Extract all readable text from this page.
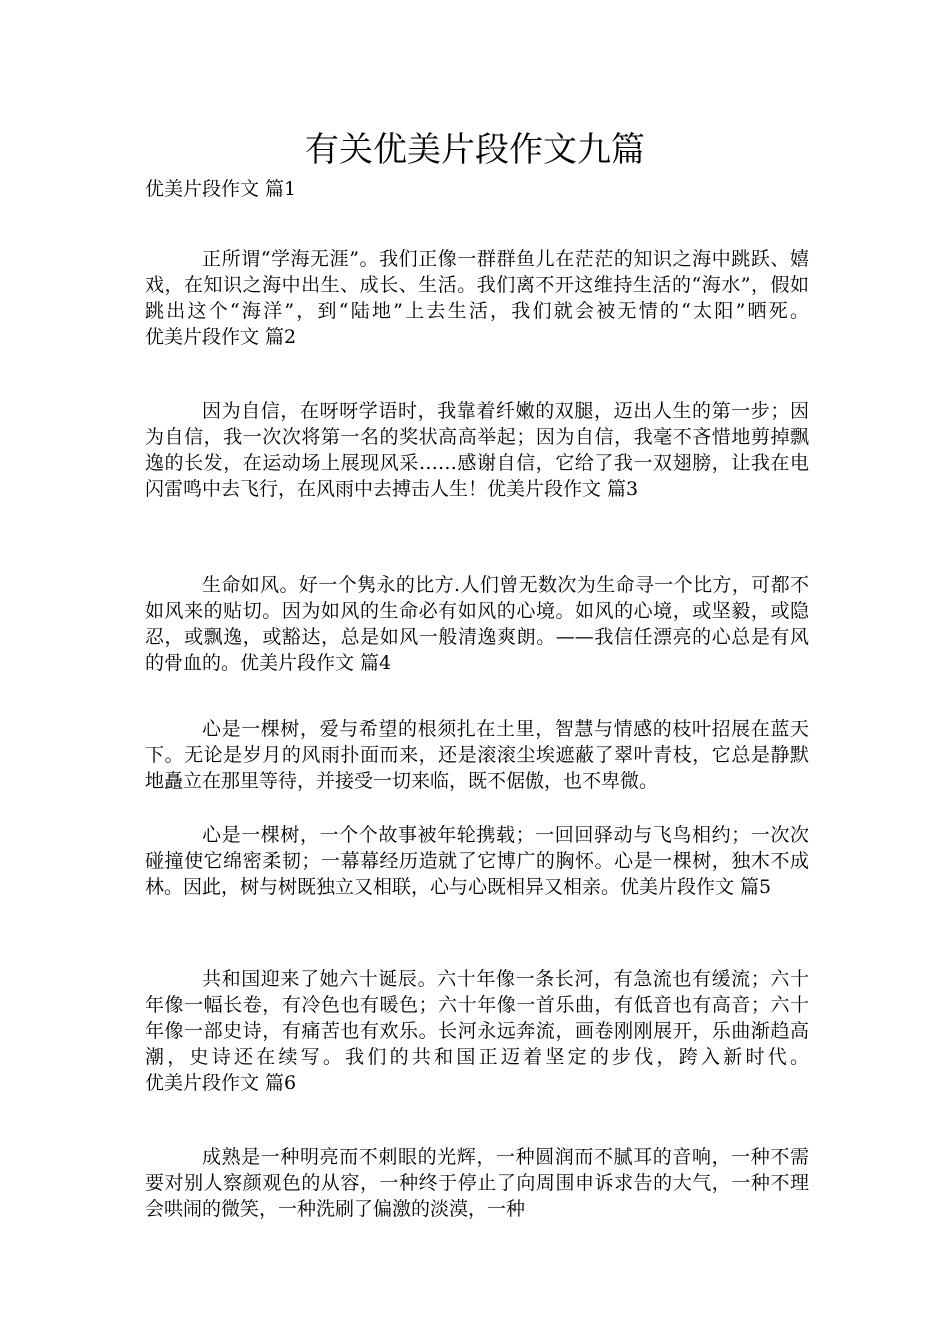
有关优美片段作文九篇
优美片段作文 篇1

正所谓“学海无涯”。我们正像一群群鱼儿在茫茫的知识之海中跳跃、嬉戏，在知识之海中出生、成长、生活。我们离不开这维持生活的“海水”，假如跳出这个“海洋”，到“陆地”上去生活，我们就会被无情的“太阳”晒死。优美片段作文 篇2

因为自信，在呀呀学语时，我靠着纤嫩的双腿，迈出人生的第一步；因为自信，我一次次将第一名的奖状高高举起；因为自信，我毫不吝惜地剪掉飘逸的长发，在运动场上展现风采……感谢自信，它给了我一双翅膀，让我在电闪雷鸣中去飞行，在风雨中去搏击人生！优美片段作文 篇3

生命如风。好一个隽永的比方.人们曾无数次为生命寻一个比方，可都不如风来的贴切。因为如风的生命必有如风的心境。如风的心境，或坚毅，或隐忍，或飘逸，或豁达，总是如风一般清逸爽朗。——我信任漂亮的心总是有风的骨血的。优美片段作文 篇4

心是一棵树，爱与希望的根须扎在土里，智慧与情感的枝叶招展在蓝天下。无论是岁月的风雨扑面而来，还是滚滚尘埃遮蔽了翠叶青枝，它总是静默地矗立在那里等待，并接受一切来临，既不倨傲，也不卑微。

心是一棵树，一个个故事被年轮携载；一回回驿动与飞鸟相约；一次次碰撞使它绵密柔韧；一幕幕经历造就了它博广的胸怀。心是一棵树，独木不成林。因此，树与树既独立又相联，心与心既相异又相亲。优美片段作文 篇5

共和国迎来了她六十诞辰。六十年像一条长河，有急流也有缓流；六十年像一幅长卷，有冷色也有暖色；六十年像一首乐曲，有低音也有高音；六十年像一部史诗，有痛苦也有欢乐。长河永远奔流，画卷刚刚展开，乐曲渐趋高潮，史诗还在续写。我们的共和国正迈着坚定的步伐，跨入新时代。优美片段作文 篇6

成熟是一种明亮而不刺眼的光辉，一种圆润而不腻耳的音响，一种不需要对别人察颜观色的从容，一种终于停止了向周围申诉求告的大气，一种不理会哄闹的微笑，一种洗刷了偏激的淡漠，一种
